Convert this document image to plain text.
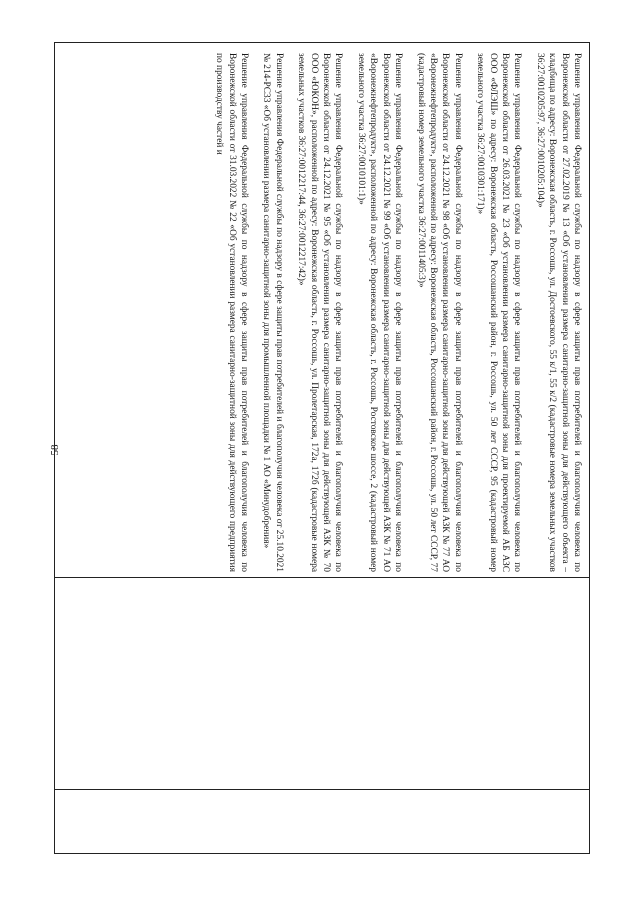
58	Решение управления Федеральной службы по надзору в сфере защиты прав потребителей и благополучия человека по Воронежской области от 27.02.2019 № 13 «Об установлении размера санитарно-защитной зоны для действующего объекта – кладбища по адресу: Воронежская область, г. Россошь, ул. Достоевского, 55 к/1, 55 к/2 (кадастровые номера земельных участков 36:27:0010205:97, 36:27:0010205:104)»

Решение управления Федеральной службы по надзору в сфере защиты прав потребителей и благополучия человека по Воронежской области от 26.03.2021 № 23 «Об установлении размера санитарно-защитной зоны для проектируемой АБ АЗС ООО «ФЛЭШ» по адресу: Воронежская область, Россошанский район, г. Россошь, ул. 50 лет СССР, 95 (кадастровый номер земельного участка 36:27:0010301:171)»

Решение управления Федеральной службы по надзору в сфере защиты прав потребителей и благополучия человека по Воронежской области от 24.12.2021 № 98 «Об установлении размера санитарно-защитной зоны для действующей АЗК № 77 АО «Воронежнефтепродукт», расположенной по адресу: Воронежская область, Россошанский район, г. Россошь, ул. 50 лет СССР, 77 (кадастровый номер земельного участка 36:27:0011405:3)»

Решение управления Федеральной службы по надзору в сфере защиты прав потребителей и благополучия человека по Воронежской области от 24.12.2021 № 99 «Об установлении размера санитарно-защитной зоны для действующей АЗК № 71 АО «Воронежнефтепродукт», расположенной по адресу: Воронежская область, г. Россошь, Ростовское шоссе, 2 (кадастровый номер земельного участка 36:27:0010101:1)»

Решение управления Федеральной службы по надзору в сфере защиты прав потребителей и благополучия человека по Воронежской области от 24.12.2021 № 95 «Об установлении размера санитарно-защитной зоны для действующей АЗК № 70 ООО «ЮКОН», расположенной по адресу: Воронежская область, г. Россошь, ул. Пролетарская, 172а, 172б (кадастровые номера земельных участков 36:27:0012217:44, 36:27:0012217:42)»

Решение управления Федеральной службы по надзору в сфере защиты прав потребителей и благополучия человека от 25.10.2021 № 214-РС33 «Об установлении размера санитарно-защитной зоны для промышленной площадки № 1 АО «Минудобрения»

Решение управления Федеральной службы по надзору в сфере защиты прав потребителей и благополучия человека по Воронежской области от 31.03.2022 № 22 «Об установлении размера санитарно-защитной зоны для действующего предприятия по производству частей и
